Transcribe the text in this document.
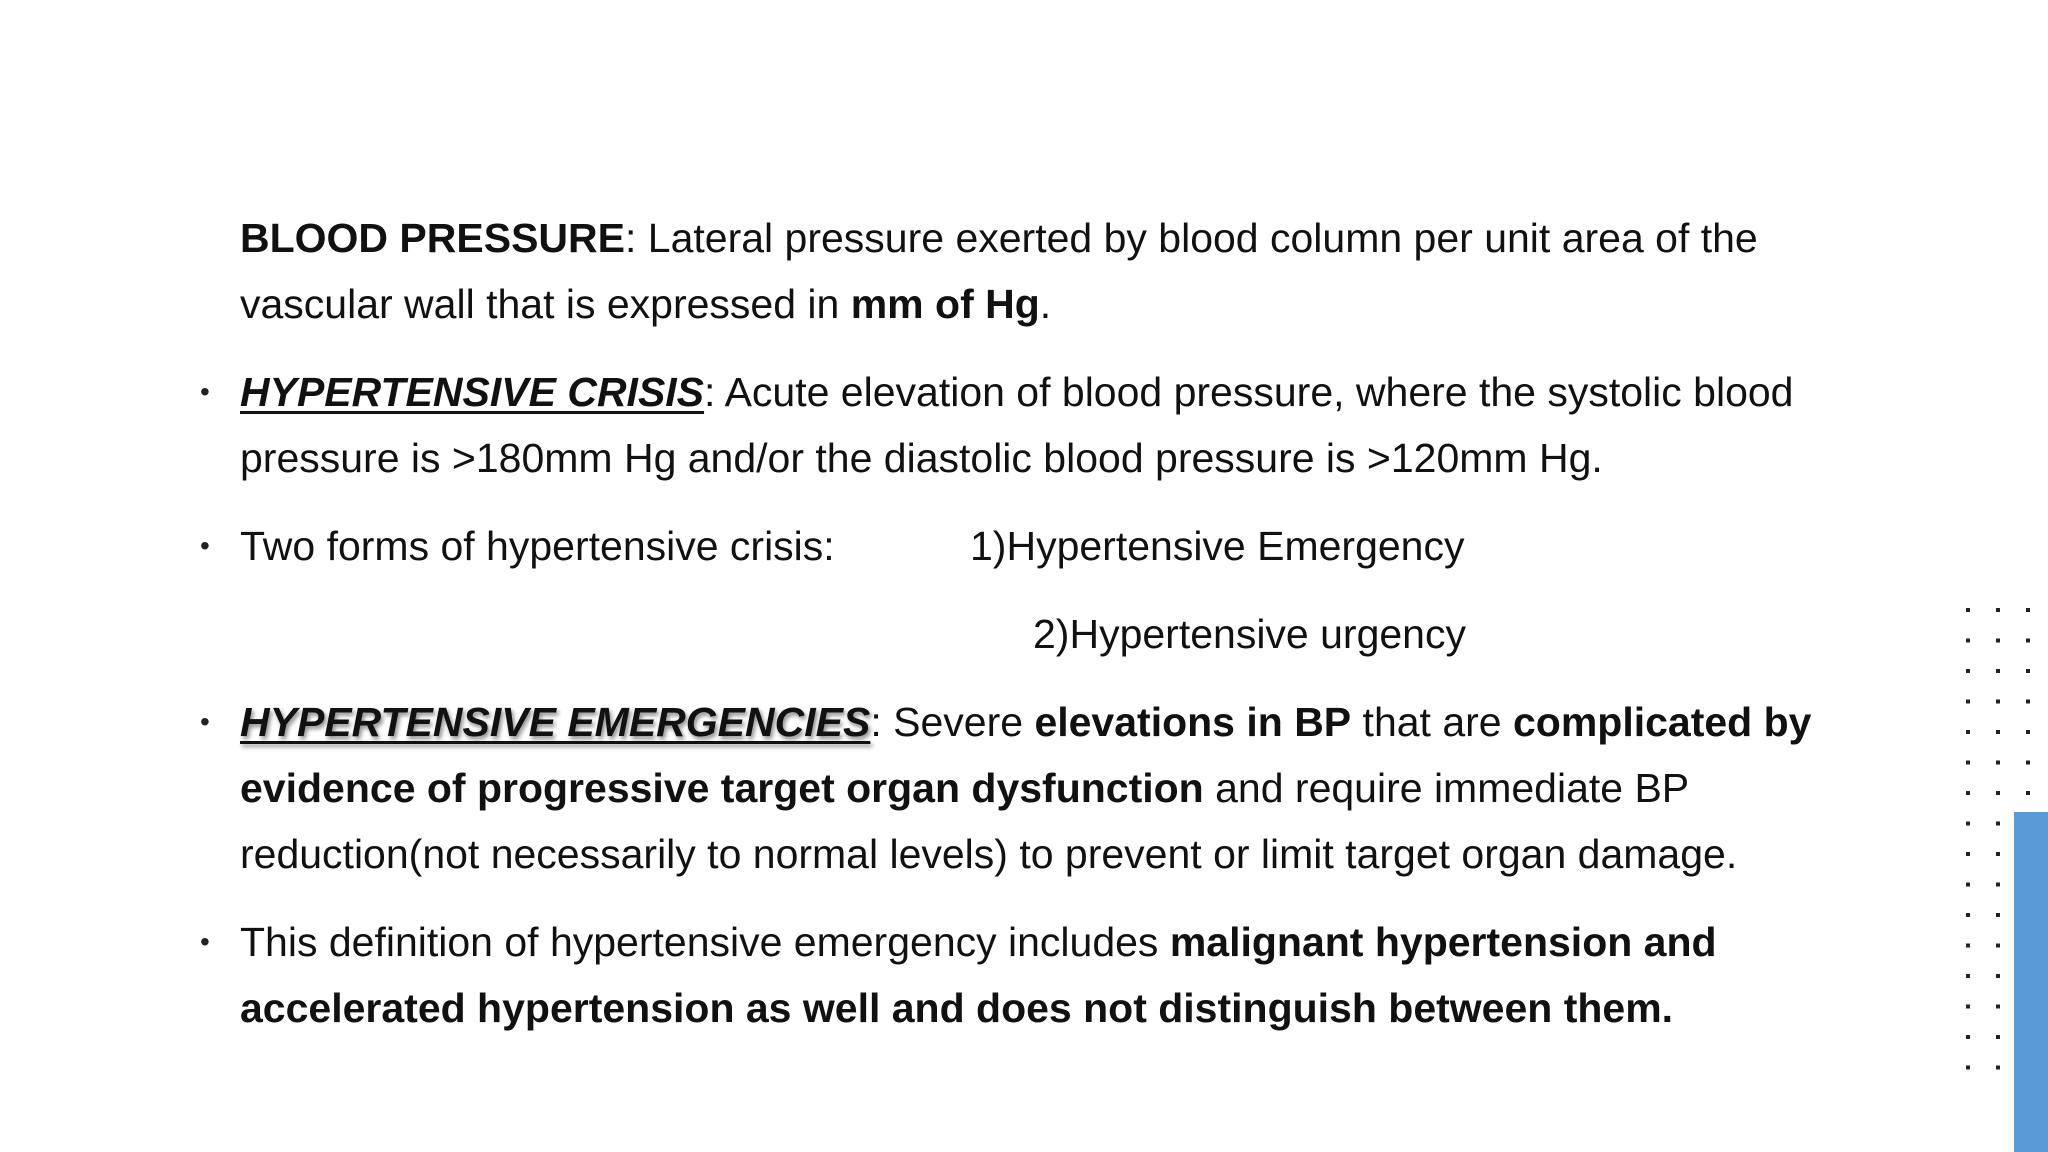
BLOOD PRESSURE: Lateral pressure exerted by blood column per unit area of the vascular wall that is expressed in mm of Hg.

• HYPERTENSIVE CRISIS: Acute elevation of blood pressure, where the systolic blood pressure is >180mm Hg and/or the diastolic blood pressure is >120mm Hg.

• Two forms of hypertensive crisis:	1)Hypertensive Emergency
2)Hypertensive urgency

• HYPERTENSIVE EMERGENCIES: Severe elevations in BP that are complicated by evidence of progressive target organ dysfunction and require immediate BP reduction(not necessarily to normal levels) to prevent or limit target organ damage.

• This definition of hypertensive emergency includes malignant hypertension and accelerated hypertension as well and does not distinguish between them.
